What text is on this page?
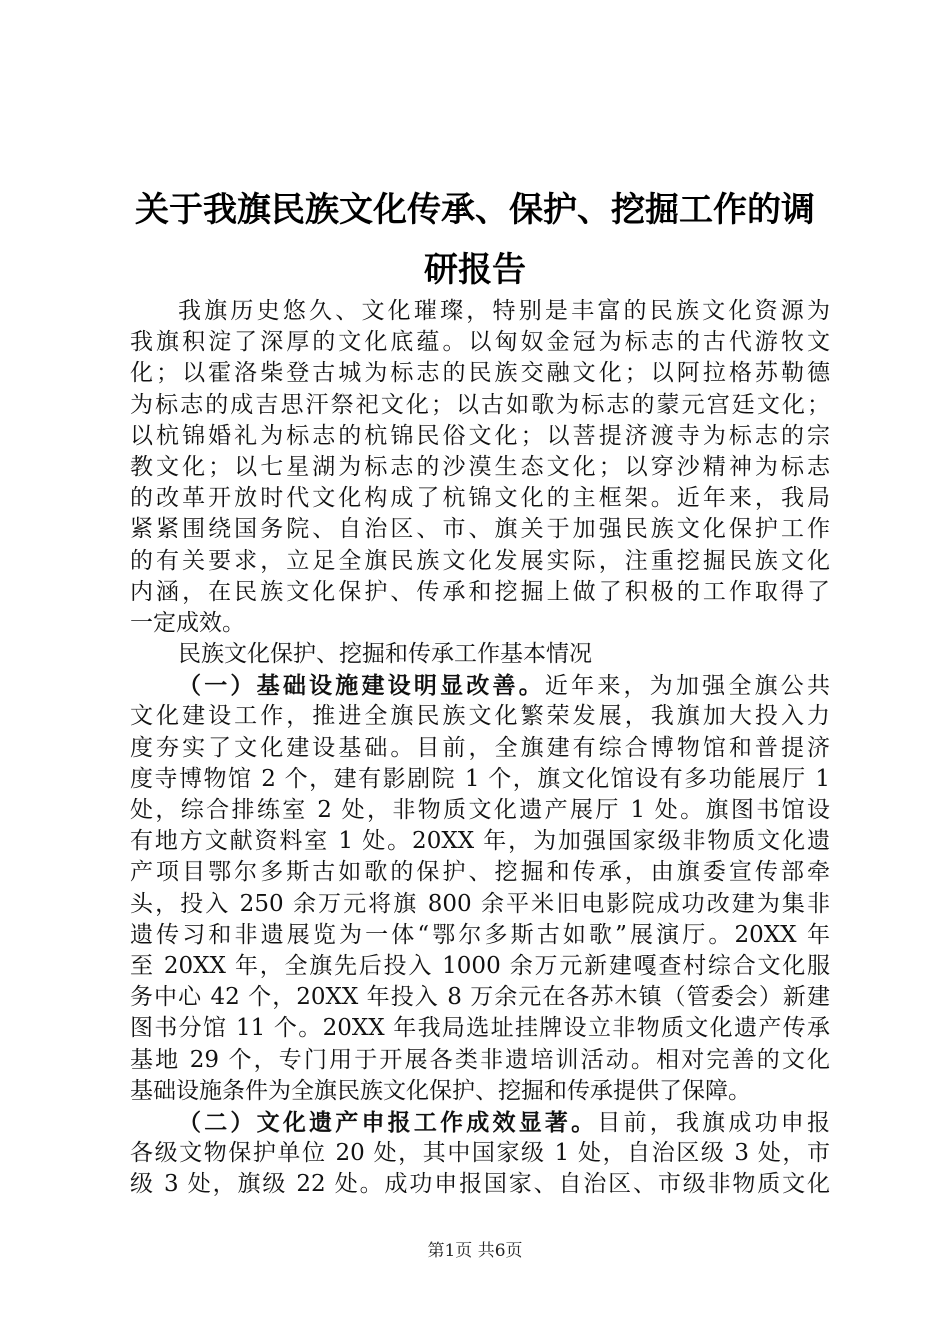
关于我旗民族文化传承、保护、挖掘工作的调
研报告
我旗历史悠久、文化璀璨，特别是丰富的民族文化资源为
我旗积淀了深厚的文化底蕴。以匈奴金冠为标志的古代游牧文
化；以霍洛柴登古城为标志的民族交融文化；以阿拉格苏勒德
为标志的成吉思汗祭祀文化；以古如歌为标志的蒙元宫廷文化；
以杭锦婚礼为标志的杭锦民俗文化；以菩提济渡寺为标志的宗
教文化；以七星湖为标志的沙漠生态文化；以穿沙精神为标志
的改革开放时代文化构成了杭锦文化的主框架。近年来，我局
紧紧围绕国务院、自治区、市、旗关于加强民族文化保护工作
的有关要求，立足全旗民族文化发展实际，注重挖掘民族文化
内涵，在民族文化保护、传承和挖掘上做了积极的工作取得了
一定成效。
民族文化保护、挖掘和传承工作基本情况
（一）基础设施建设明显改善。近年来，为加强全旗公共
文化建设工作，推进全旗民族文化繁荣发展，我旗加大投入力
度夯实了文化建设基础。目前，全旗建有综合博物馆和普提济
度寺博物馆 2 个，建有影剧院 1 个，旗文化馆设有多功能展厅 1
处，综合排练室 2 处，非物质文化遗产展厅 1 处。旗图书馆设
有地方文献资料室 1 处。20XX 年，为加强国家级非物质文化遗
产项目鄂尔多斯古如歌的保护、挖掘和传承，由旗委宣传部牵
头，投入 250 余万元将旗 800 余平米旧电影院成功改建为集非
遗传习和非遗展览为一体“鄂尔多斯古如歌”展演厅。20XX 年
至 20XX 年，全旗先后投入 1000 余万元新建嘎查村综合文化服
务中心 42 个，20XX 年投入 8 万余元在各苏木镇（管委会）新建
图书分馆 11 个。20XX 年我局选址挂牌设立非物质文化遗产传承
基地 29 个，专门用于开展各类非遗培训活动。相对完善的文化
基础设施条件为全旗民族文化保护、挖掘和传承提供了保障。
（二）文化遗产申报工作成效显著。目前，我旗成功申报
各级文物保护单位 20 处，其中国家级 1 处，自治区级 3 处，市
级 3 处，旗级 22 处。成功申报国家、自治区、市级非物质文化
第1页 共6页
